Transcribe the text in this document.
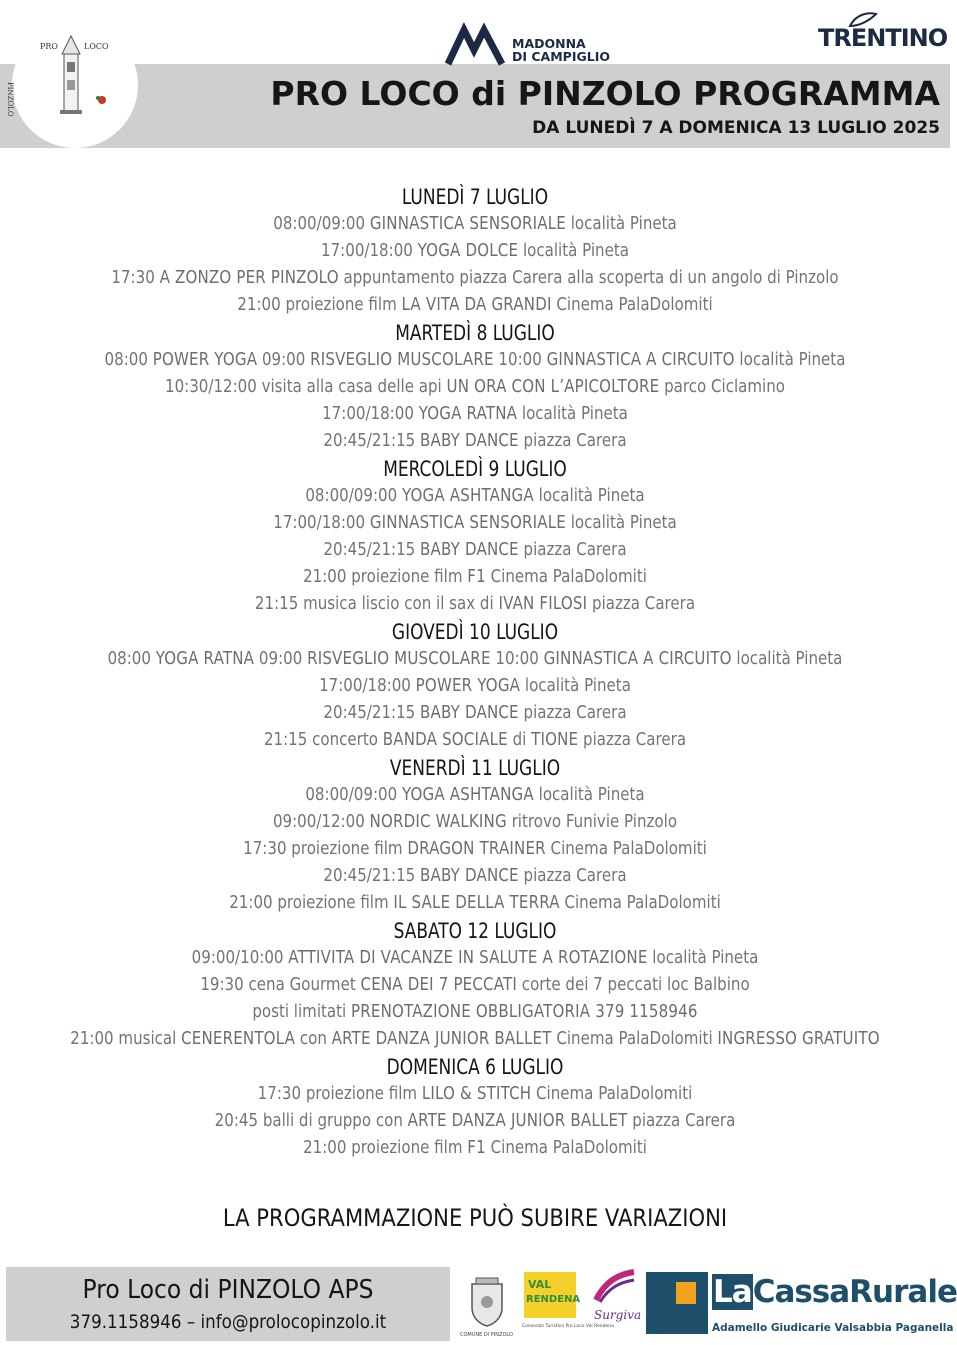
PRO	LOCO
PINZOLO
MADONNA
DI CAMPIGLIO
TRENTINO
PRO LOCO di PINZOLO PROGRAMMA
DA LUNEDÌ 7 A DOMENICA 13 LUGLIO 2025
LUNEDÌ 7 LUGLIO
08:00/09:00 GINNASTICA SENSORIALE località Pineta
17:00/18:00 YOGA DOLCE località Pineta
17:30 A ZONZO PER PINZOLO appuntamento piazza Carera alla scoperta di un angolo di Pinzolo
21:00 proiezione film LA VITA DA GRANDI Cinema PalaDolomiti
MARTEDÌ 8 LUGLIO
08:00 POWER YOGA 09:00 RISVEGLIO MUSCOLARE 10:00 GINNASTICA A CIRCUITO località Pineta
10:30/12:00 visita alla casa delle api UN ORA CON L’APICOLTORE parco Ciclamino
17:00/18:00 YOGA RATNA località Pineta
20:45/21:15 BABY DANCE piazza Carera
MERCOLEDÌ 9 LUGLIO
08:00/09:00 YOGA ASHTANGA località Pineta
17:00/18:00 GINNASTICA SENSORIALE località Pineta
20:45/21:15 BABY DANCE piazza Carera
21:00 proiezione film F1 Cinema PalaDolomiti
21:15 musica liscio con il sax di IVAN FILOSI piazza Carera
GIOVEDÌ 10 LUGLIO
08:00 YOGA RATNA 09:00 RISVEGLIO MUSCOLARE 10:00 GINNASTICA A CIRCUITO località Pineta
17:00/18:00 POWER YOGA località Pineta
20:45/21:15 BABY DANCE piazza Carera
21:15 concerto BANDA SOCIALE di TIONE piazza Carera
VENERDÌ 11 LUGLIO
08:00/09:00 YOGA ASHTANGA località Pineta
09:00/12:00 NORDIC WALKING ritrovo Funivie Pinzolo
17:30 proiezione film DRAGON TRAINER Cinema PalaDolomiti
20:45/21:15 BABY DANCE piazza Carera
21:00 proiezione film IL SALE DELLA TERRA Cinema PalaDolomiti
SABATO 12 LUGLIO
09:00/10:00 ATTIVITA DI VACANZE IN SALUTE A ROTAZIONE località Pineta
19:30 cena Gourmet CENA DEI 7 PECCATI corte dei 7 peccati loc Balbino
posti limitati PRENOTAZIONE OBBLIGATORIA 379 1158946
21:00 musical CENERENTOLA con ARTE DANZA JUNIOR BALLET Cinema PalaDolomiti INGRESSO GRATUITO
DOMENICA 6 LUGLIO
17:30 proiezione film LILO & STITCH Cinema PalaDolomiti
20:45 balli di gruppo con ARTE DANZA JUNIOR BALLET piazza Carera
21:00 proiezione film F1 Cinema PalaDolomiti
LA PROGRAMMAZIONE PUÒ SUBIRE VARIAZIONI
Pro Loco di PINZOLO APS
379.1158946 – info@prolocopinzolo.it
COMUNE DI PINZOLO
VAL
RENDENA
Consorzio Turistico Pro Loco Val Rendena
Surgiva
LaCassaRurale
Adamello Giudicarie Valsabbia Paganella
